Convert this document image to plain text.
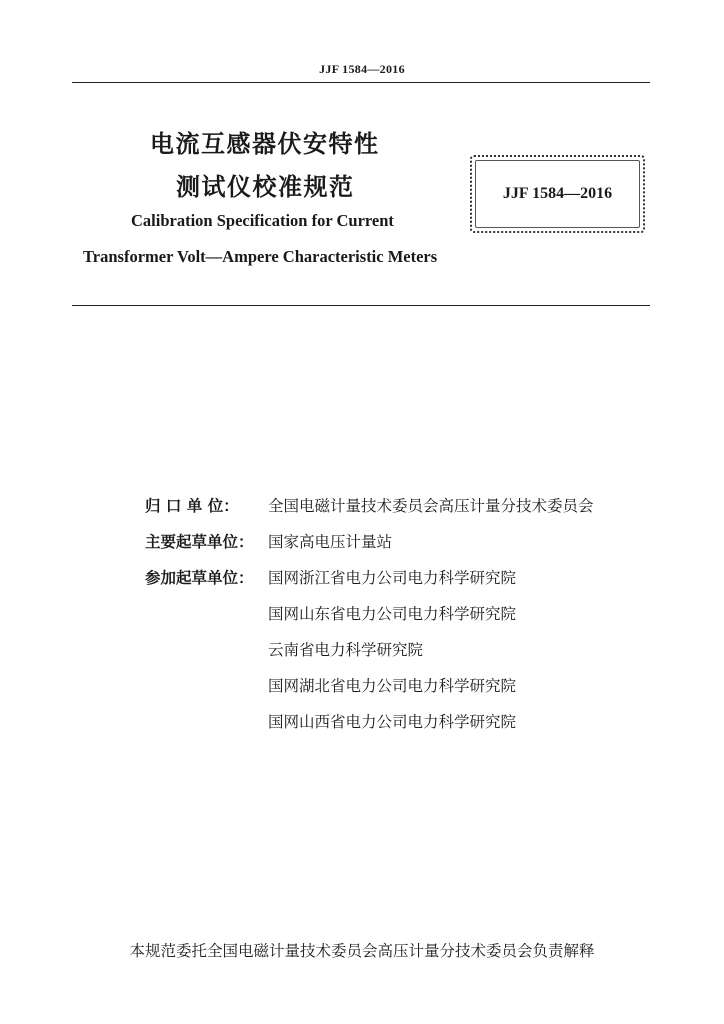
JJF 1584—2016
电流互感器伏安特性
测试仪校准规范	JJF 1584—2016
Calibration Specification for Current
Transformer Volt—Ampere Characteristic Meters
归 口 单 位： 全国电磁计量技术委员会高压计量分技术委员会
主要起草单位： 国家高电压计量站
参加起草单位： 国网浙江省电力公司电力科学研究院
国网山东省电力公司电力科学研究院
云南省电力科学研究院
国网湖北省电力公司电力科学研究院
国网山西省电力公司电力科学研究院
本规范委托全国电磁计量技术委员会高压计量分技术委员会负责解释
